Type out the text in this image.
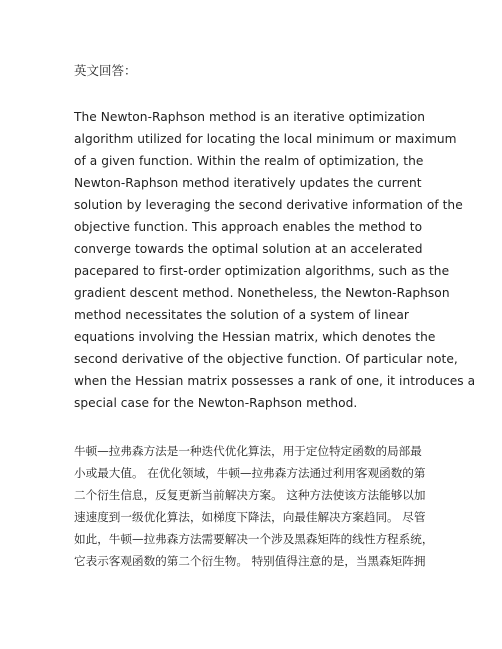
英文回答：
The Newton-Raphson method is an iterative optimization
algorithm utilized for locating the local minimum or maximum
of a given function. Within the realm of optimization, the
Newton-Raphson method iteratively updates the current
solution by leveraging the second derivative information of the
objective function. This approach enables the method to
converge towards the optimal solution at an accelerated
pacepared to first-order optimization algorithms, such as the
gradient descent method. Nonetheless, the Newton-Raphson
method necessitates the solution of a system of linear
equations involving the Hessian matrix, which denotes the
second derivative of the objective function. Of particular note,
when the Hessian matrix possesses a rank of one, it introduces a
special case for the Newton-Raphson method.
牛顿—拉弗森方法是一种迭代优化算法，用于定位特定函数的局部最
小或最大值。 在优化领域，牛顿—拉弗森方法通过利用客观函数的第
二个衍生信息，反复更新当前解决方案。 这种方法使该方法能够以加
速速度到一级优化算法，如梯度下降法，向最佳解决方案趋同。 尽管
如此，牛顿—拉弗森方法需要解决一个涉及黑森矩阵的线性方程系统，
它表示客观函数的第二个衍生物。 特别值得注意的是，当黑森矩阵拥
